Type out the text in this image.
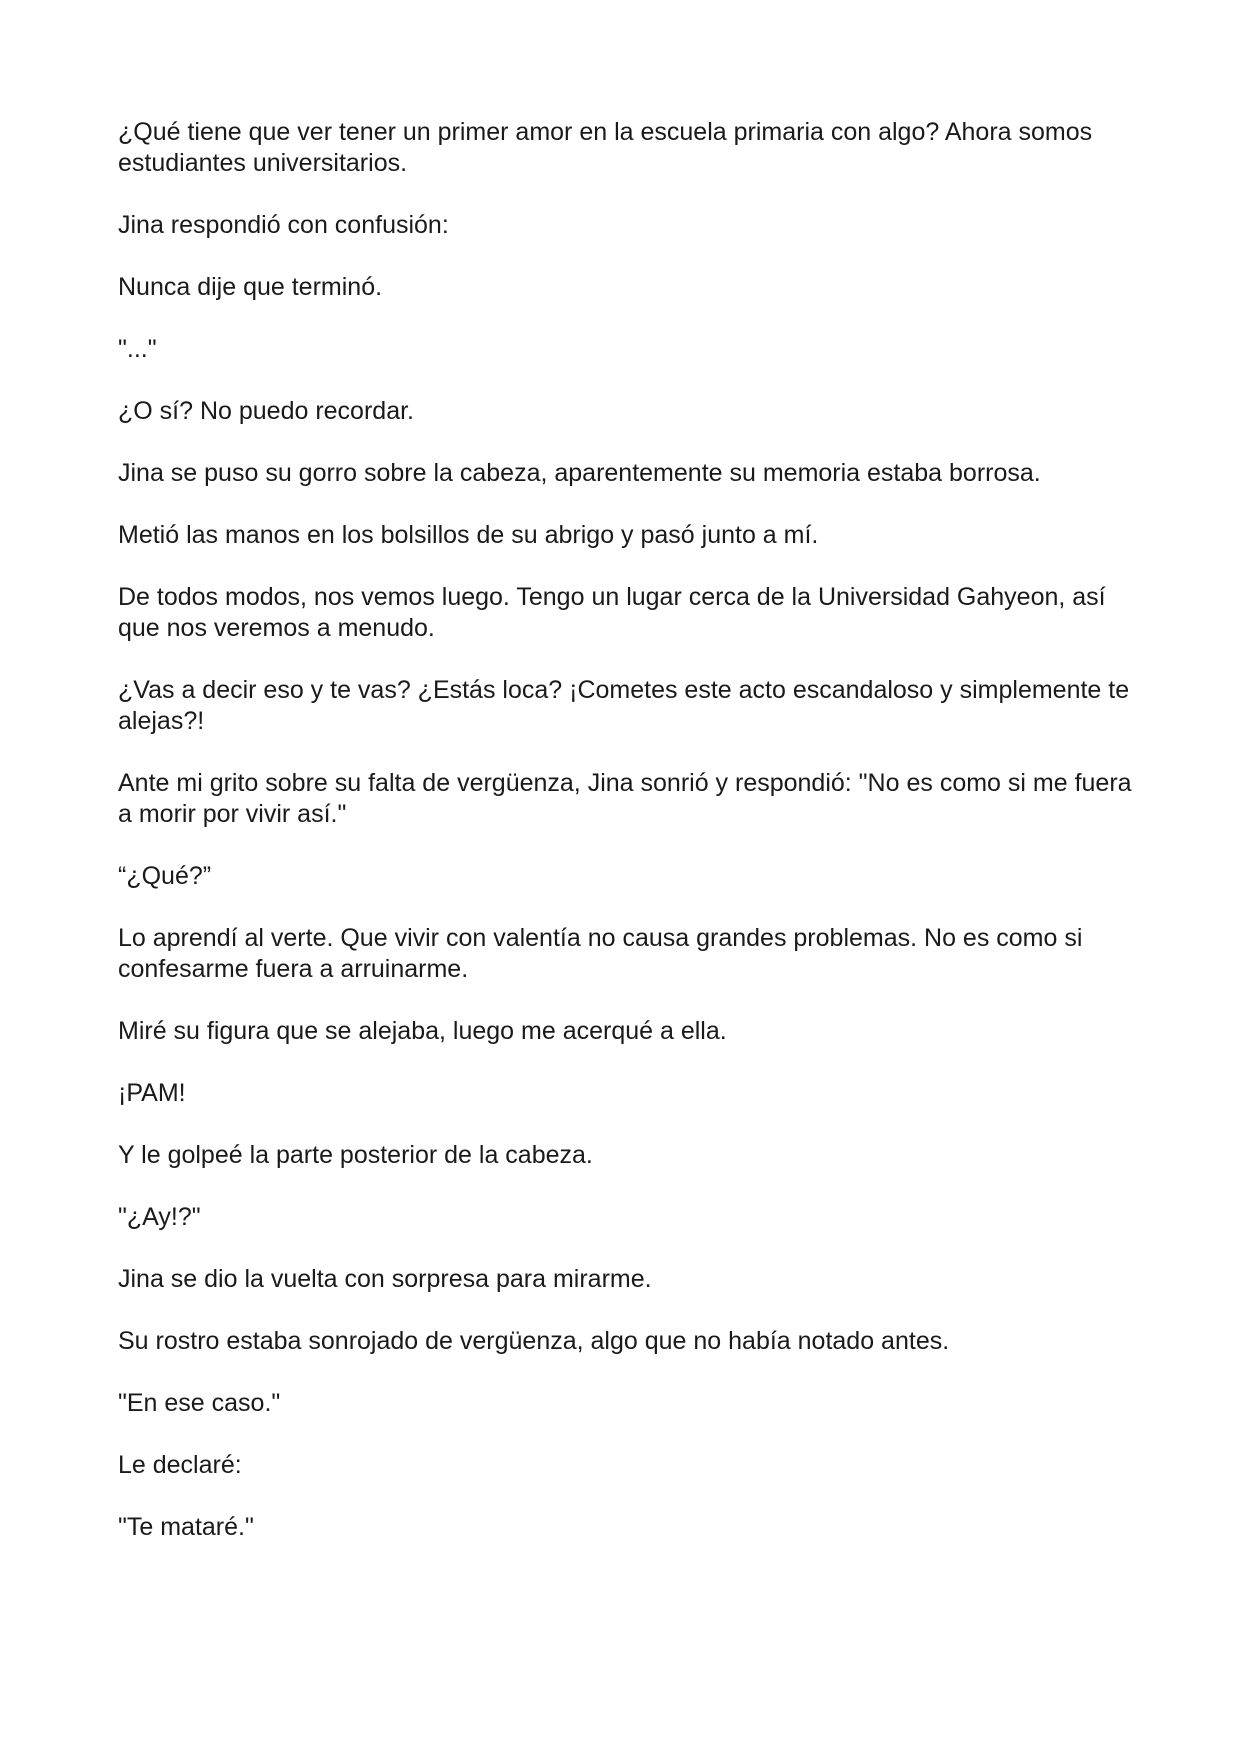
¿Qué tiene que ver tener un primer amor en la escuela primaria con algo? Ahora somos estudiantes universitarios.

Jina respondió con confusión:

Nunca dije que terminó.

"..."

¿O sí? No puedo recordar.

Jina se puso su gorro sobre la cabeza, aparentemente su memoria estaba borrosa.

Metió las manos en los bolsillos de su abrigo y pasó junto a mí.

De todos modos, nos vemos luego. Tengo un lugar cerca de la Universidad Gahyeon, así que nos veremos a menudo.

¿Vas a decir eso y te vas? ¿Estás loca? ¡Cometes este acto escandaloso y simplemente te alejas?!

Ante mi grito sobre su falta de vergüenza, Jina sonrió y respondió: "No es como si me fuera a morir por vivir así."

“¿Qué?”

Lo aprendí al verte. Que vivir con valentía no causa grandes problemas. No es como si confesarme fuera a arruinarme.

Miré su figura que se alejaba, luego me acerqué a ella.

¡PAM!

Y le golpeé la parte posterior de la cabeza.

"¿Ay!?"

Jina se dio la vuelta con sorpresa para mirarme.

Su rostro estaba sonrojado de vergüenza, algo que no había notado antes.

"En ese caso."

Le declaré:

"Te mataré."
